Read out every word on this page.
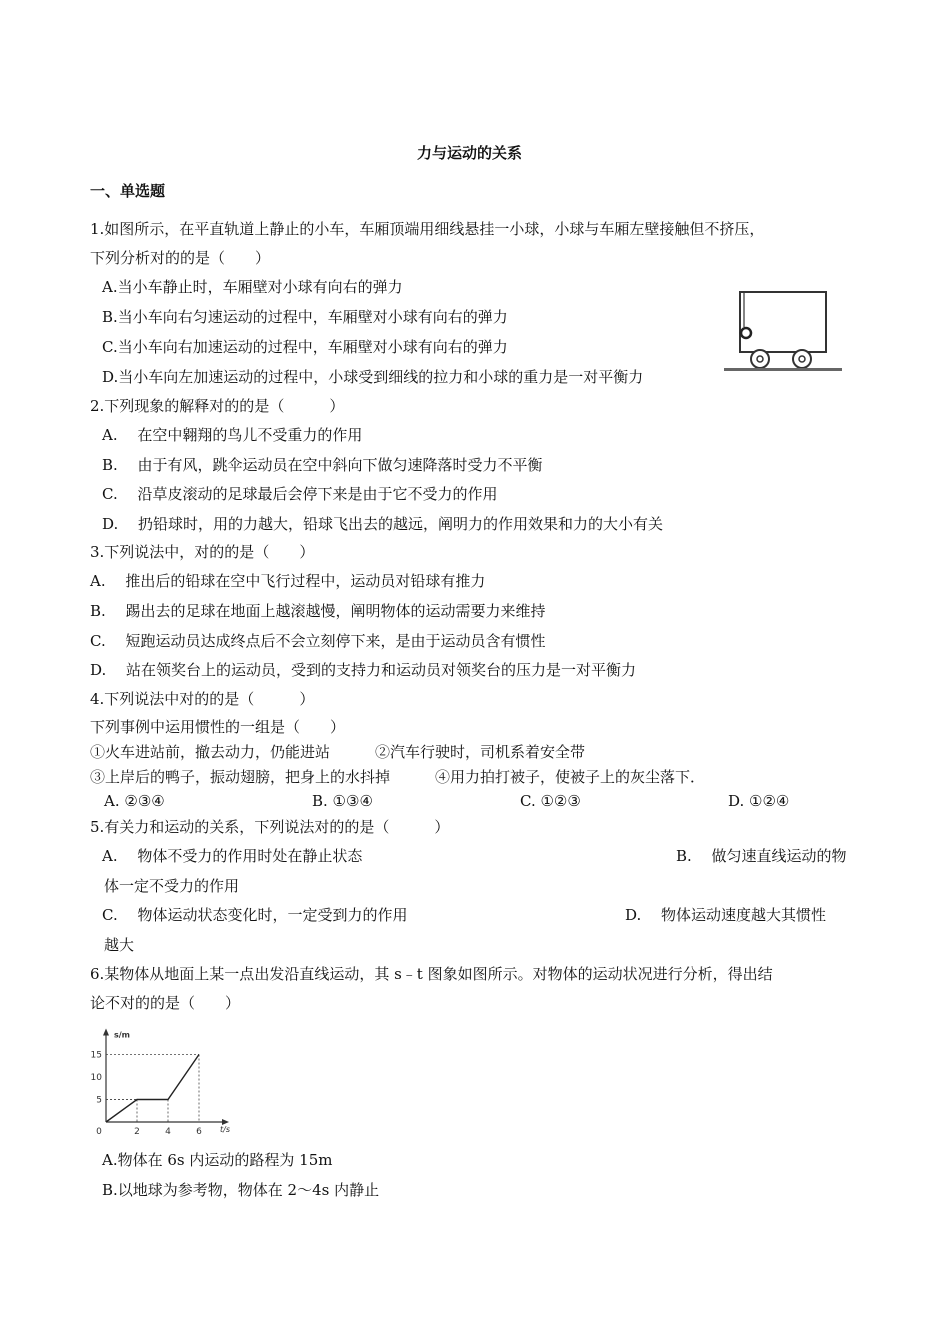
力与运动的关系
一、单选题
1.如图所示，在平直轨道上静止的小车，车厢顶端用细线悬挂一小球，小球与车厢左壁接触但不挤压，
下列分析对的的是（　　）
A.当小车静止时，车厢壁对小球有向右的弹力
B.当小车向右匀速运动的过程中，车厢壁对小球有向右的弹力
C.当小车向右加速运动的过程中，车厢壁对小球有向右的弹力
D.当小车向左加速运动的过程中，小球受到细线的拉力和小球的重力是一对平衡力
2.下列现象的解释对的的是（　　　）
A.　 在空中翱翔的鸟儿不受重力的作用
B.　 由于有风，跳伞运动员在空中斜向下做匀速降落时受力不平衡
C.　 沿草皮滚动的足球最后会停下来是由于它不受力的作用
D.　 扔铅球时，用的力越大，铅球飞出去的越远，阐明力的作用效果和力的大小有关
3.下列说法中，对的的是（　　）
A.　 推出后的铅球在空中飞行过程中，运动员对铅球有推力
B.　 踢出去的足球在地面上越滚越慢，阐明物体的运动需要力来维持
C.　 短跑运动员达成终点后不会立刻停下来，是由于运动员含有惯性
D.　 站在领奖台上的运动员，受到的支持力和运动员对领奖台的压力是一对平衡力
4.下列说法中对的的是（　　　）
下列事例中运用惯性的一组是（　　）
①火车进站前，撤去动力，仍能进站　　　②汽车行驶时，司机系着安全带
③上岸后的鸭子，振动翅膀，把身上的水抖掉　　　④用力拍打被子，使被子上的灰尘落下．
A. ②③④	B. ①③④	C. ①②③	D. ①②④
5.有关力和运动的关系，下列说法对的的是（　　　）
A.　 物体不受力的作用时处在静止状态	B.　 做匀速直线运动的物
体一定不受力的作用
C.　 物体运动状态变化时，一定受到力的作用	D.　 物体运动速度越大其惯性
越大
6.某物体从地面上某一点出发沿直线运动，其 s﹣t 图象如图所示。对物体的运动状况进行分析，得出结
论不对的的是（　　）
s/m
t/s
5
10
15
0	2	4	6
A.物体在 6s 内运动的路程为 15m
B.以地球为参考物，物体在 2～4s 内静止
